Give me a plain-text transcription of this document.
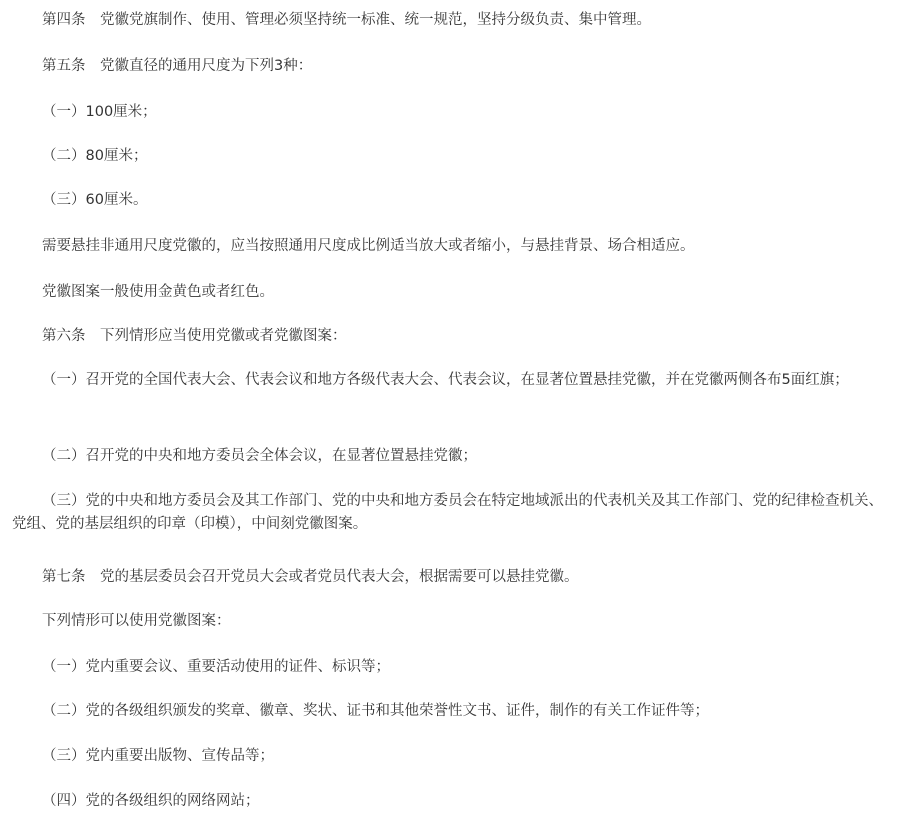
第四条　党徽党旗制作、使用、管理必须坚持统一标准、统一规范，坚持分级负责、集中管理。

第五条　党徽直径的通用尺度为下列3种：

（一）100厘米；

（二）80厘米；

（三）60厘米。

需要悬挂非通用尺度党徽的，应当按照通用尺度成比例适当放大或者缩小，与悬挂背景、场合相适应。

党徽图案一般使用金黄色或者红色。

第六条　下列情形应当使用党徽或者党徽图案：

（一）召开党的全国代表大会、代表会议和地方各级代表大会、代表会议，在显著位置悬挂党徽，并在党徽两侧各布5面红旗；

（二）召开党的中央和地方委员会全体会议，在显著位置悬挂党徽；

（三）党的中央和地方委员会及其工作部门、党的中央和地方委员会在特定地域派出的代表机关及其工作部门、党的纪律检查机关、党组、党的基层组织的印章（印模），中间刻党徽图案。

第七条　党的基层委员会召开党员大会或者党员代表大会，根据需要可以悬挂党徽。

下列情形可以使用党徽图案：

（一）党内重要会议、重要活动使用的证件、标识等；

（二）党的各级组织颁发的奖章、徽章、奖状、证书和其他荣誉性文书、证件，制作的有关工作证件等；

（三）党内重要出版物、宣传品等；

（四）党的各级组织的网络网站；
